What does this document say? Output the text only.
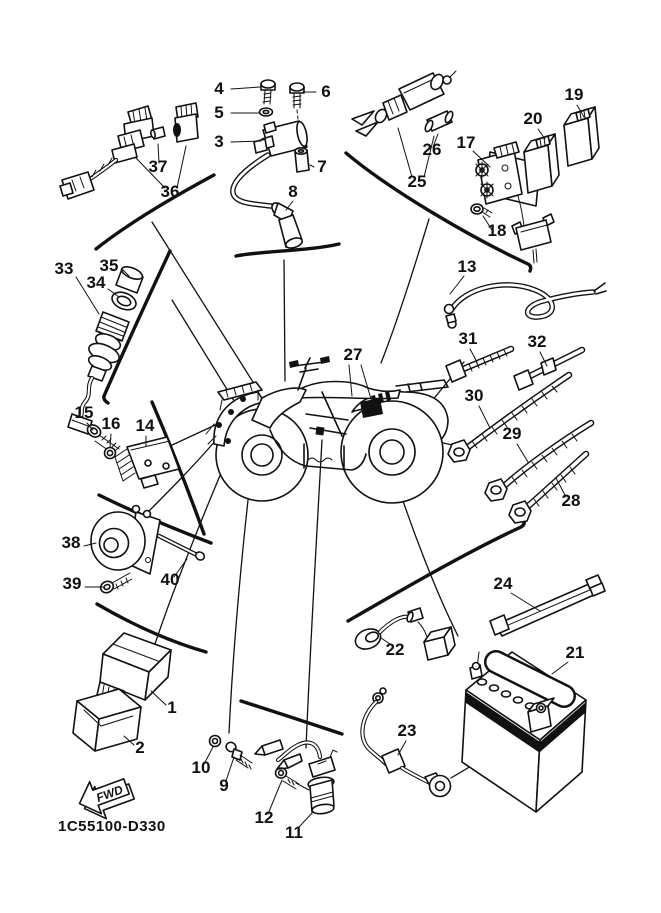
1
2
3
4
5
6
7
8
9
10
11
12
13
14
15
16
17
18
19
20
21
22
23
24
25
26
27
28
29
30
31	32
33
34
35
36
37
38
39	40
FWD
1C55100-D330
